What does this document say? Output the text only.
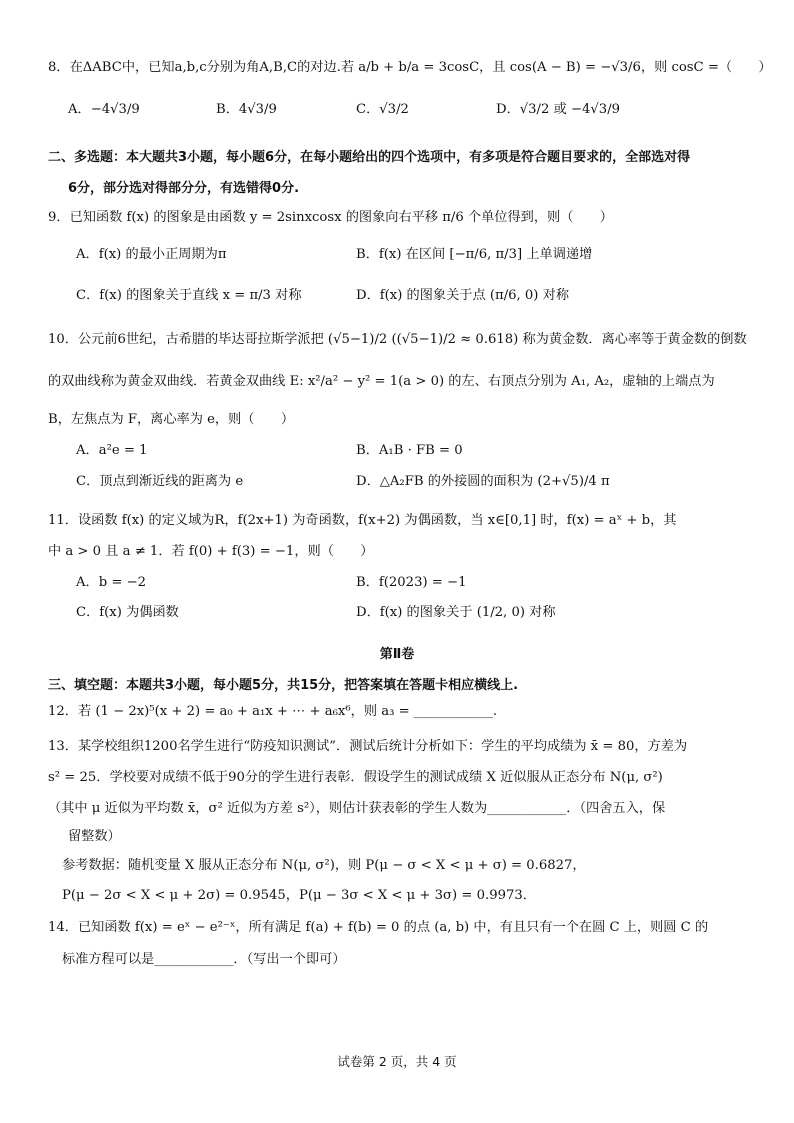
8．在ΔABC中，已知a,b,c分别为角A,B,C的对边.若 a/b + b/a = 3cosC，且 cos(A − B) = −√3/6，则 cosC =（　　）
A．−4√3/9	B．4√3/9	C．√3/2	D．√3/2 或 −4√3/9
二、多选题：本大题共3小题，每小题6分，在每小题给出的四个选项中，有多项是符合题目要求的，全部选对得
6分，部分选对得部分分，有选错得0分.
9．已知函数 f(x) 的图象是由函数 y = 2sinxcosx 的图象向右平移 π/6 个单位得到，则（　　）
A．f(x) 的最小正周期为π	B．f(x) 在区间 [−π/6, π/3] 上单调递增
C．f(x) 的图象关于直线 x = π/3 对称	D．f(x) 的图象关于点 (π/6, 0) 对称
10．公元前6世纪，古希腊的毕达哥拉斯学派把 (√5−1)/2 ((√5−1)/2 ≈ 0.618) 称为黄金数．离心率等于黄金数的倒数
的双曲线称为黄金双曲线．若黄金双曲线 E: x²/a² − y² = 1(a > 0) 的左、右顶点分别为 A₁, A₂，虚轴的上端点为
B，左焦点为 F，离心率为 e，则（　　）
A．a²e = 1	B．A₁B · FB = 0
C．顶点到渐近线的距离为 e	D．△A₂FB 的外接圆的面积为 (2+√5)/4 π
11．设函数 f(x) 的定义域为R，f(2x+1) 为奇函数，f(x+2) 为偶函数，当 x∈[0,1] 时，f(x) = aˣ + b，其
中 a > 0 且 a ≠ 1．若 f(0) + f(3) = −1，则（　　）
A．b = −2	B．f(2023) = −1
C．f(x) 为偶函数	D．f(x) 的图象关于 (1/2, 0) 对称
第Ⅱ卷
三、填空题：本题共3小题，每小题5分，共15分，把答案填在答题卡相应横线上.
12．若 (1 − 2x)⁵(x + 2) = a₀ + a₁x + ⋯ + a₆x⁶，则 a₃ = ____________.
13．某学校组织1200名学生进行“防疫知识测试”．测试后统计分析如下：学生的平均成绩为 x̄ = 80，方差为
s² = 25．学校要对成绩不低于90分的学生进行表彰．假设学生的测试成绩 X 近似服从正态分布 N(μ, σ²)
（其中 μ 近似为平均数 x̄，σ² 近似为方差 s²），则估计获表彰的学生人数为____________．（四舍五入，保
留整数）
参考数据：随机变量 X 服从正态分布 N(μ, σ²)，则 P(μ − σ < X < μ + σ) = 0.6827，
P(μ − 2σ < X < μ + 2σ) = 0.9545，P(μ − 3σ < X < μ + 3σ) = 0.9973．
14．已知函数 f(x) = eˣ − e²⁻ˣ，所有满足 f(a) + f(b) = 0 的点 (a, b) 中，有且只有一个在圆 C 上，则圆 C 的
标准方程可以是____________．（写出一个即可）
试卷第 2 页，共 4 页
